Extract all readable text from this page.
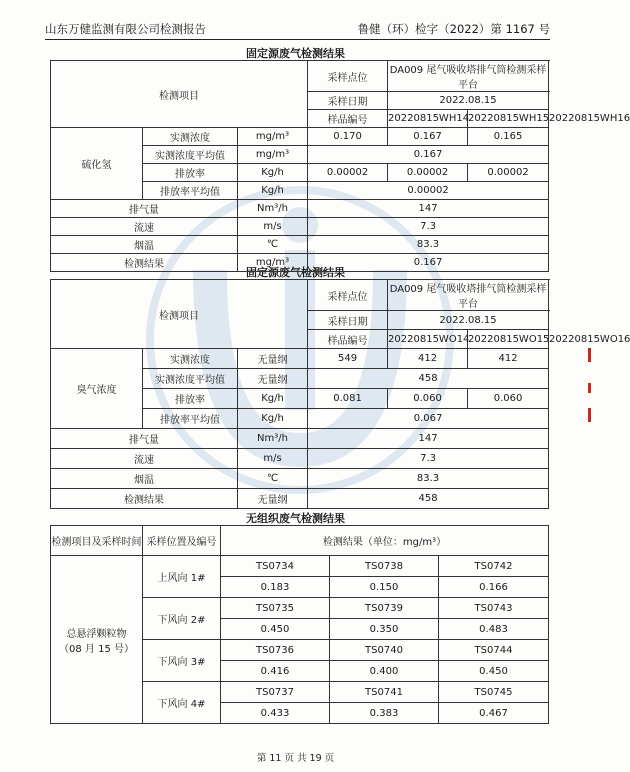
山东万健监测有限公司检测报告	鲁健（环）检字（2022）第 1167 号
固定源废气检测结果
检测项目			采样点位	DA009 尾气吸收塔排气筒检测采样平台		
			采样日期	2022.08.15		
			样品编号	20220815WH14	20220815WH15	20220815WH16
硫化氢	实测浓度	mg/m³	0.170	0.167	0.165	
	实测浓度平均值	mg/m³	0.167			
	排放率	Kg/h	0.00002	0.00002	0.00002	
	排放率平均值	Kg/h	0.00002			
排气量		Nm³/h	147			
流速		m/s	7.3			
烟温		℃	83.3			
检测结果		mg/m³	0.167			
固定源废气检测结果
检测项目			采样点位	DA009 尾气吸收塔排气筒检测采样平台		
			采样日期	2022.08.15		
			样品编号	20220815WO14	20220815WO15	20220815WO16
臭气浓度	实测浓度	无量纲	549	412	412	
	实测浓度平均值	无量纲	458			
	排放率	Kg/h	0.081	0.060	0.060	
	排放率平均值	Kg/h	0.067			
排气量		Nm³/h	147			
流速		m/s	7.3			
烟温		℃	83.3			
检测结果		无量纲	458			
无组织废气检测结果
检测项目及采样时间	采样位置及编号	检测结果（单位：mg/m³）		

总悬浮颗粒物
（08 月 15 号）	上风向 1#	TS0734	TS0738	TS0742
		0.183	0.150	0.166
	下风向 2#	TS0735	TS0739	TS0743
		0.450	0.350	0.483
	下风向 3#	TS0736	TS0740	TS0744
		0.416	0.400	0.450
	下风向 4#	TS0737	TS0741	TS0745
		0.433	0.383	0.467
第 11 页 共 19 页
